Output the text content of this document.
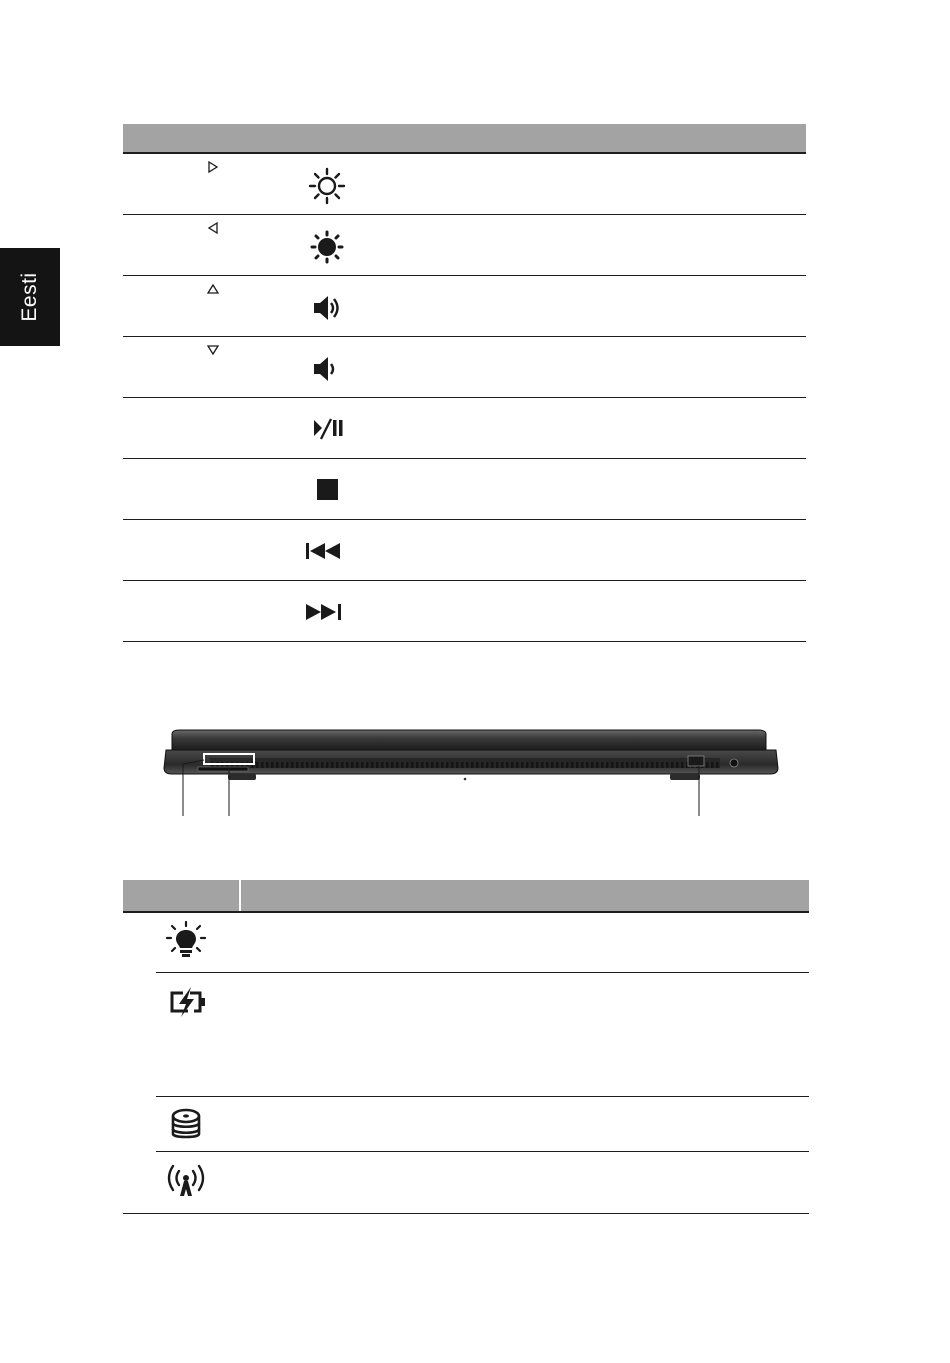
Eesti
